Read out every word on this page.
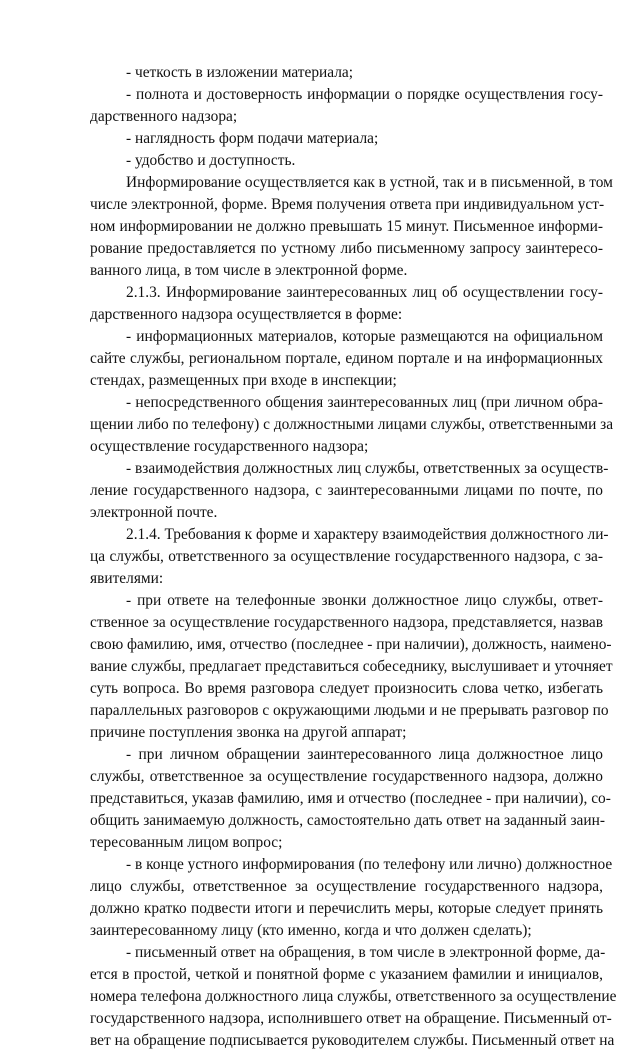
- четкость в изложении материала;
- полнота и достоверность информации о порядке осуществления госу-
дарственного надзора;
- наглядность форм подачи материала;
- удобство и доступность.
Информирование осуществляется как в устной, так и в письменной, в том
числе электронной, форме. Время получения ответа при индивидуальном уст-
ном информировании не должно превышать 15 минут. Письменное информи-
рование предоставляется по устному либо письменному запросу заинтересо-
ванного лица, в том числе в электронной форме.
2.1.3. Информирование заинтересованных лиц об осуществлении госу-
дарственного надзора осуществляется в форме:
- информационных материалов, которые размещаются на официальном
сайте службы, региональном портале, едином портале и на информационных
стендах, размещенных при входе в инспекции;
- непосредственного общения заинтересованных лиц (при личном обра-
щении либо по телефону) с должностными лицами службы, ответственными за
осуществление государственного надзора;
- взаимодействия должностных лиц службы, ответственных за осуществ-
ление государственного надзора, с заинтересованными лицами по почте, по
электронной почте.
2.1.4. Требования к форме и характеру взаимодействия должностного ли-
ца службы, ответственного за осуществление государственного надзора, с за-
явителями:
- при ответе на телефонные звонки должностное лицо службы, ответ-
ственное за осуществление государственного надзора, представляется, назвав
свою фамилию, имя, отчество (последнее - при наличии), должность, наимено-
вание службы, предлагает представиться собеседнику, выслушивает и уточняет
суть вопроса. Во время разговора следует произносить слова четко, избегать
параллельных разговоров с окружающими людьми и не прерывать разговор по
причине поступления звонка на другой аппарат;
- при личном обращении заинтересованного лица должностное лицо
службы, ответственное за осуществление государственного надзора, должно
представиться, указав фамилию, имя и отчество (последнее - при наличии), со-
общить занимаемую должность, самостоятельно дать ответ на заданный заин-
тересованным лицом вопрос;
- в конце устного информирования (по телефону или лично) должностное
лицо службы, ответственное за осуществление государственного надзора,
должно кратко подвести итоги и перечислить меры, которые следует принять
заинтересованному лицу (кто именно, когда и что должен сделать);
- письменный ответ на обращения, в том числе в электронной форме, да-
ется в простой, четкой и понятной форме с указанием фамилии и инициалов,
номера телефона должностного лица службы, ответственного за осуществление
государственного надзора, исполнившего ответ на обращение. Письменный от-
вет на обращение подписывается руководителем службы. Письменный ответ на
